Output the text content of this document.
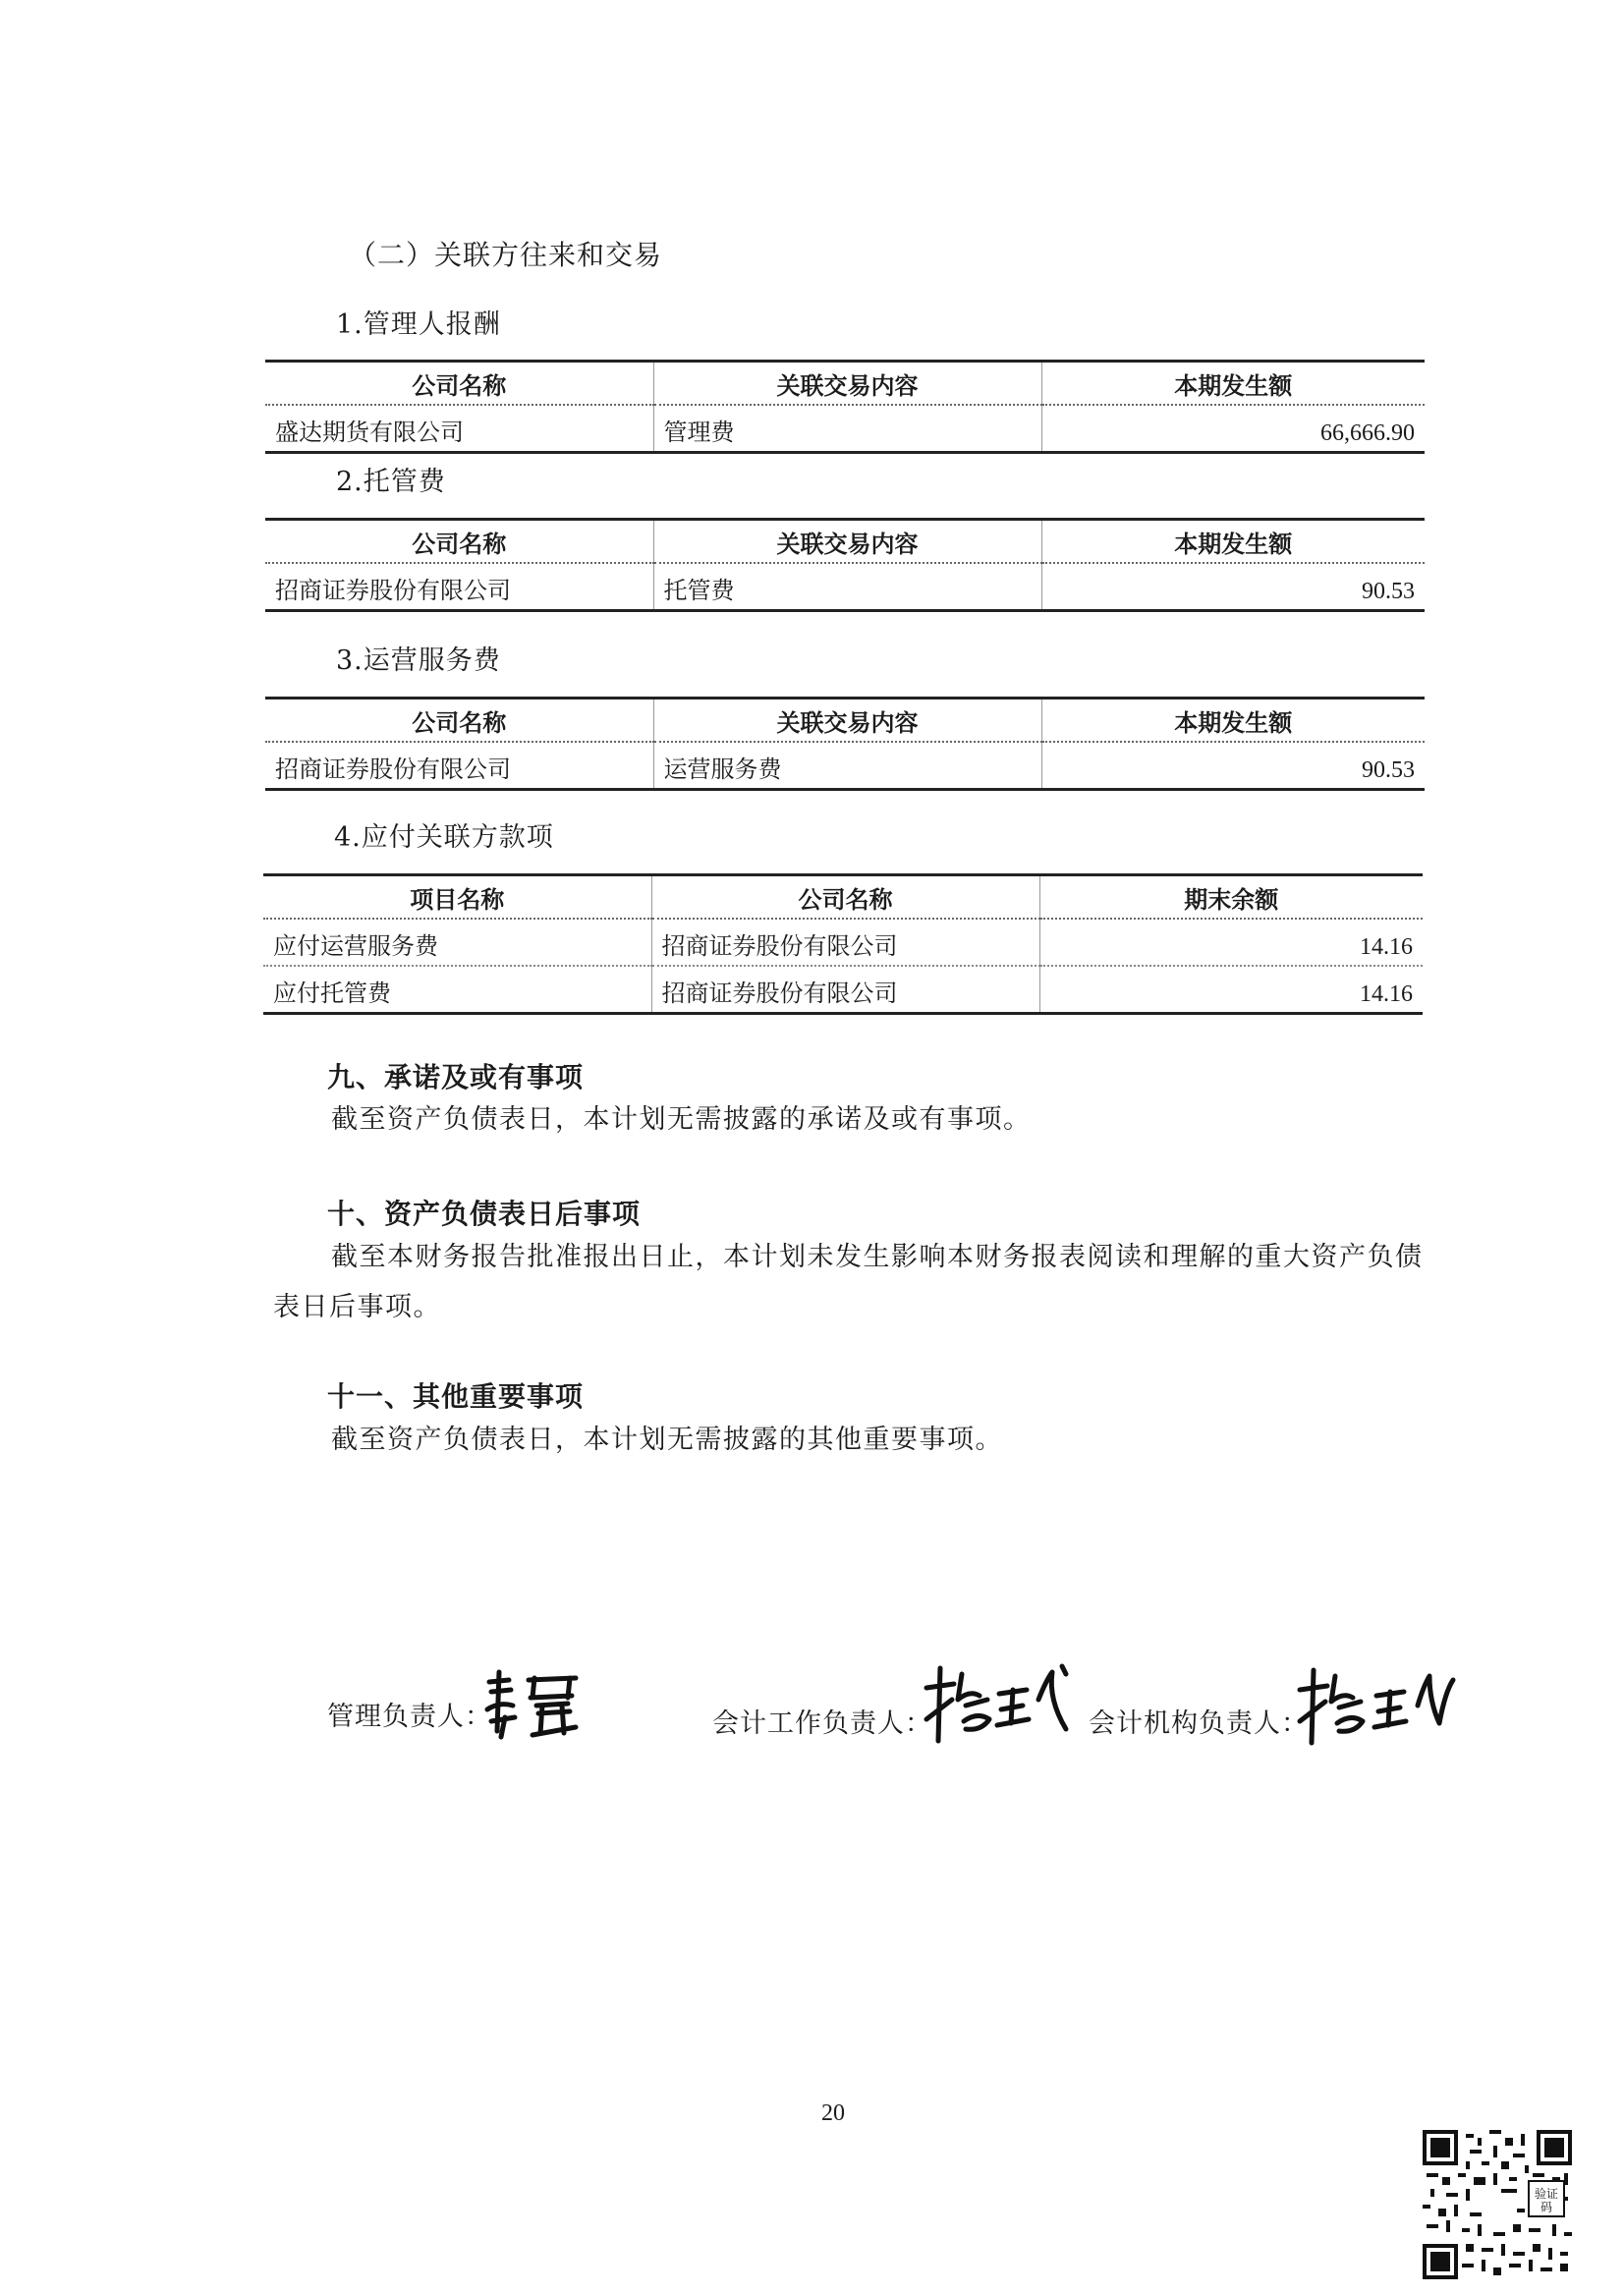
（二）关联方往来和交易
1.管理人报酬
公司名称	关联交易内容	本期发生额
盛达期货有限公司	管理费	66,666.90
2.托管费
公司名称	关联交易内容	本期发生额
招商证券股份有限公司	托管费	90.53
3.运营服务费
公司名称	关联交易内容	本期发生额
招商证券股份有限公司	运营服务费	90.53
4.应付关联方款项
项目名称	公司名称	期末余额
应付运营服务费	招商证券股份有限公司	14.16
应付托管费	招商证券股份有限公司	14.16
九、承诺及或有事项
截至资产负债表日，本计划无需披露的承诺及或有事项。
十、资产负债表日后事项
截至本财务报告批准报出日止，本计划未发生影响本财务报表阅读和理解的重大资产负债
表日后事项。
十一、其他重要事项
截至资产负债表日，本计划无需披露的其他重要事项。
管理负责人：	会计工作负责人：	会计机构负责人：
20
验证
码
